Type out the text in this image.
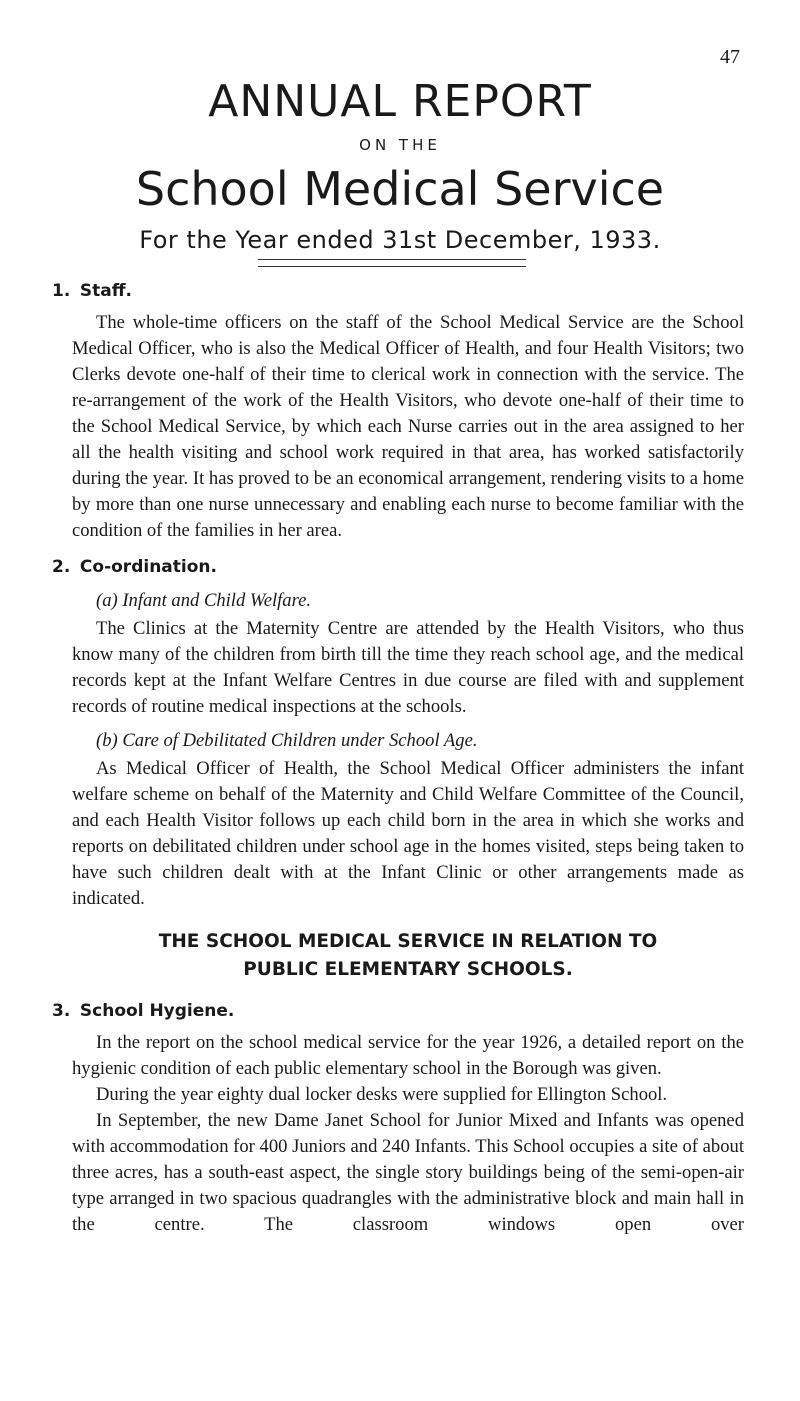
47
ANNUAL REPORT
ON THE
School Medical Service
For the Year ended 31st December, 1933.
1. Staff.

The whole-time officers on the staff of the School Medical Service are the School Medical Officer, who is also the Medical Officer of Health, and four Health Visitors; two Clerks devote one-half of their time to clerical work in connection with the service. The re-arrangement of the work of the Health Visitors, who devote one-half of their time to the School Medical Service, by which each Nurse carries out in the area assigned to her all the health visiting and school work required in that area, has worked satisfactorily during the year. It has proved to be an economical arrangement, rendering visits to a home by more than one nurse unnecessary and enabling each nurse to become familiar with the condition of the families in her area.

2. Co-ordination.

(a) Infant and Child Welfare.

The Clinics at the Maternity Centre are attended by the Health Visitors, who thus know many of the children from birth till the time they reach school age, and the medical records kept at the Infant Welfare Centres in due course are filed with and supplement records of routine medical inspections at the schools.

(b) Care of Debilitated Children under School Age.

As Medical Officer of Health, the School Medical Officer administers the infant welfare scheme on behalf of the Maternity and Child Welfare Committee of the Council, and each Health Visitor follows up each child born in the area in which she works and reports on debilitated children under school age in the homes visited, steps being taken to have such children dealt with at the Infant Clinic or other arrangements made as indicated.

THE SCHOOL MEDICAL SERVICE IN RELATION TO
PUBLIC ELEMENTARY SCHOOLS.
3. School Hygiene.

In the report on the school medical service for the year 1926, a detailed report on the hygienic condition of each public elementary school in the Borough was given.

During the year eighty dual locker desks were supplied for Ellington School.

In September, the new Dame Janet School for Junior Mixed and Infants was opened with accommodation for 400 Juniors and 240 Infants. This School occupies a site of about three acres, has a south-east aspect, the single story buildings being of the semi-open-air type arranged in two spacious quadrangles with the administrative block and main hall in the centre. The classroom windows open over
